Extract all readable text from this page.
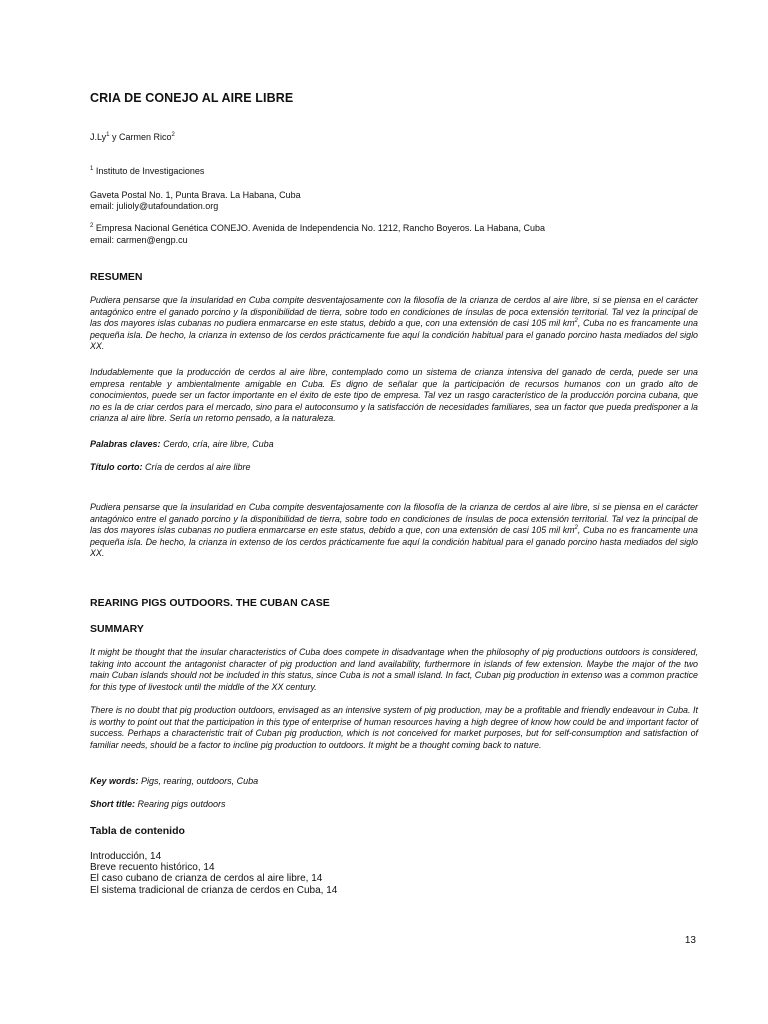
CRIA DE CONEJO AL AIRE LIBRE
J.Ly$^1$ y Carmen Rico$^2$
$^1$ Instituto de Investigaciones
Gaveta Postal No. 1, Punta Brava. La Habana, Cuba
email: julioly@utafoundation.org
$^2$ Empresa Nacional Genética CONEJO. Avenida de Independencia No. 1212, Rancho Boyeros. La Habana, Cuba
email: carmen@engp.cu
RESUMEN
Pudiera pensarse que la insularidad en Cuba compite desventajosamente con la filosofía de la crianza de cerdos al aire libre, si se piensa en el carácter antagónico entre el ganado porcino y la disponibilidad de tierra, sobre todo en condiciones de ínsulas de poca extensión territorial. Tal vez la principal de las dos mayores islas cubanas no pudiera enmarcarse en este status, debido a que, con una extensión de casi 105 mil $km^2$, Cuba no es francamente una pequeña isla. De hecho, la crianza in extenso de los cerdos prácticamente fue aquí la condición habitual para el ganado porcino hasta mediados del siglo XX.
Indudablemente que la producción de cerdos al aire libre, contemplado como un sistema de crianza intensiva del ganado de cerda, puede ser una empresa rentable y ambientalmente amigable en Cuba. Es digno de señalar que la participación de recursos humanos con un grado alto de conocimientos, puede ser un factor importante en el éxito de este tipo de empresa. Tal vez un rasgo característico de la producción porcina cubana, que no es la de criar cerdos para el mercado, sino para el autoconsumo y la satisfacción de necesidades familiares, sea un factor que pueda predisponer a la crianza al aire libre. Sería un retorno pensado, a la naturaleza.
Palabras claves: Cerdo, cría, aire libre, Cuba
Título corto: Cría de cerdos al aire libre
Pudiera pensarse que la insularidad en Cuba compite desventajosamente con la filosofía de la crianza de cerdos al aire libre, si se piensa en el carácter antagónico entre el ganado porcino y la disponibilidad de tierra, sobre todo en condiciones de ínsulas de poca extensión territorial. Tal vez la principal de las dos mayores islas cubanas no pudiera enmarcarse en este status, debido a que, con una extensión de casi 105 mil $km^2$, Cuba no es francamente una pequeña isla. De hecho, la crianza in extenso de los cerdos prácticamente fue aquí la condición habitual para el ganado porcino hasta mediados del siglo XX.
REARING PIGS OUTDOORS. THE CUBAN CASE
SUMMARY
It might be thought that the insular characteristics of Cuba does compete in disadvantage when the philosophy of pig productions outdoors is considered, taking into account the antagonist character of pig production and land availability, furthermore in islands of few extension. Maybe the major of the two main Cuban islands should not be included in this status, since Cuba is not a small island. In fact, Cuban pig production in extenso was a common practice for this type of livestock until the middle of the XX century.
There is no doubt that pig production outdoors, envisaged as an intensive system of pig production, may be a profitable and friendly endeavour in Cuba. It is worthy to point out that the participation in this type of enterprise of human resources having a high degree of know how could be and important factor of success. Perhaps a characteristic trait of Cuban pig production, which is not conceived for market purposes, but for self-consumption and satisfaction of familiar needs, should be a factor to incline pig production to outdoors. It might be a thought coming back to nature.
Key words: Pigs, rearing, outdoors, Cuba
Short title: Rearing pigs outdoors
Tabla de contenido
Introducción, 14
Breve recuento histórico, 14
El caso cubano de crianza de cerdos al aire libre, 14
El sistema tradicional de crianza de cerdos en Cuba, 14
13
